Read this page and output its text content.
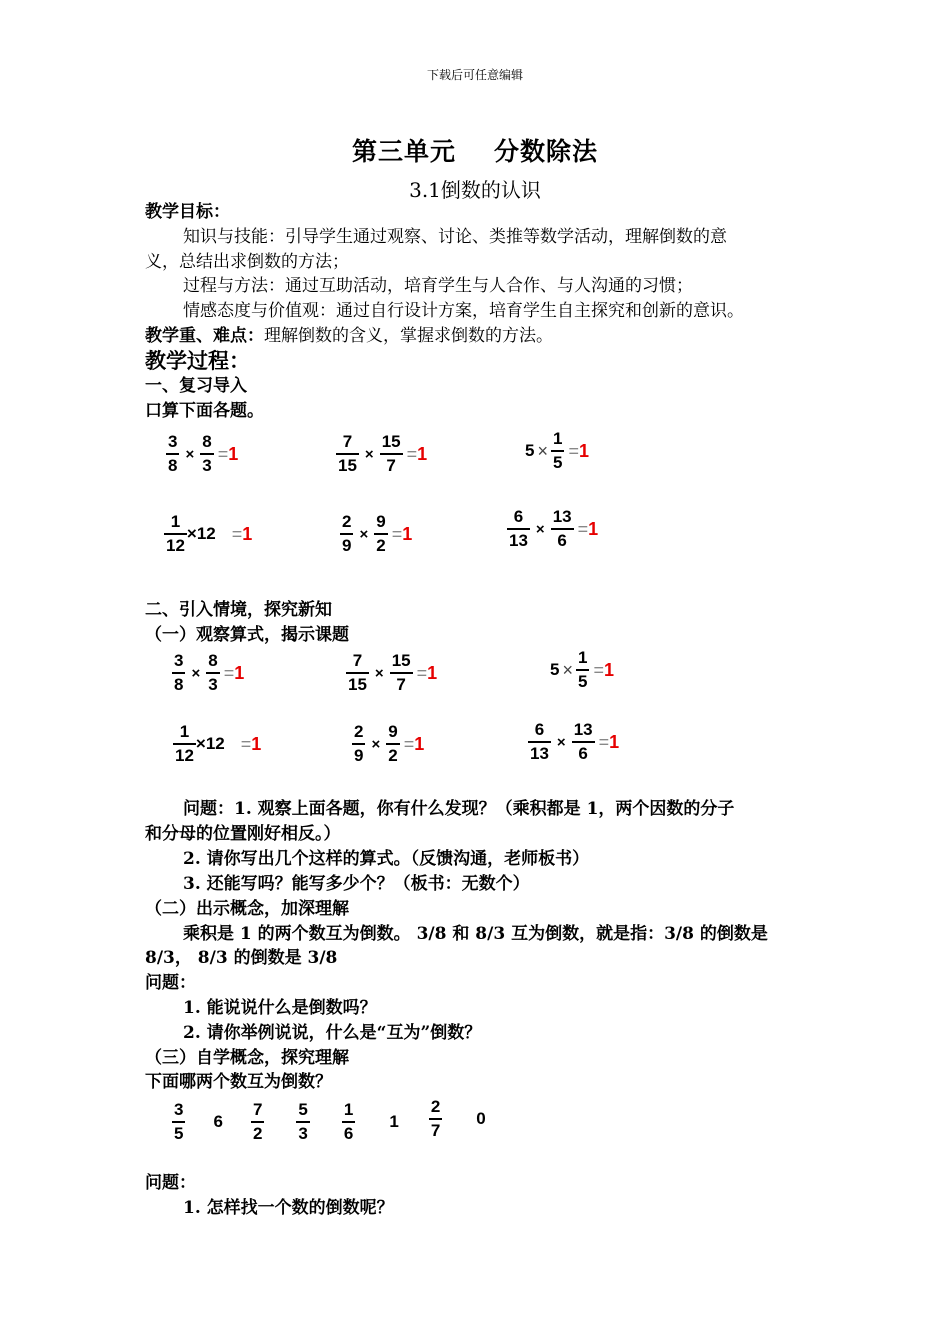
下载后可任意编辑
第三单元 分数除法
3.1倒数的认识
教学目标：
知识与技能：引导学生通过观察、讨论、类推等数学活动，理解倒数的意
义，总结出求倒数的方法；
过程与方法：通过互助活动，培育学生与人合作、与人沟通的习惯；
情感态度与价值观：通过自行设计方案，培育学生自主探究和创新的意识。
教学重、难点：理解倒数的含义，掌握求倒数的方法。
教学过程：
一、复习导入
口算下面各题。
$\frac{3}{8} \times \frac{8}{3} = 1$	$\frac{7}{15} \times \frac{15}{7} = 1$	$5 \times \frac{1}{5} = 1$
$\frac{1}{12} \times 12 = 1$	$\frac{2}{9} \times \frac{9}{2} = 1$	$\frac{6}{13} \times \frac{13}{6} = 1$
二、引入情境，探究新知
（一）观察算式，揭示课题
$\frac{3}{8} \times \frac{8}{3} = 1$	$\frac{7}{15} \times \frac{15}{7} = 1$	$5 \times \frac{1}{5} = 1$
$\frac{1}{12} \times 12 = 1$	$\frac{2}{9} \times \frac{9}{2} = 1$	$\frac{6}{13} \times \frac{13}{6} = 1$
问题：1. 观察上面各题，你有什么发现？（乘积都是 1，两个因数的分子
和分母的位置刚好相反。）
2. 请你写出几个这样的算式。（反馈沟通，老师板书）
3. 还能写吗？能写多少个？（板书：无数个）
（二）出示概念，加深理解
乘积是 1 的两个数互为倒数。 3/8 和 8/3 互为倒数，就是指：3/8 的倒数是
8/3， 8/3 的倒数是 3/8
问题：
1. 能说说什么是倒数吗？
2. 请你举例说说，什么是“互为”倒数？
（三）自学概念，探究理解
下面哪两个数互为倒数？
$\frac{3}{5} 6 \frac{7}{2} \frac{5}{3} \frac{1}{6} 1 \frac{2}{7} 0$
问题：
1. 怎样找一个数的倒数呢？
